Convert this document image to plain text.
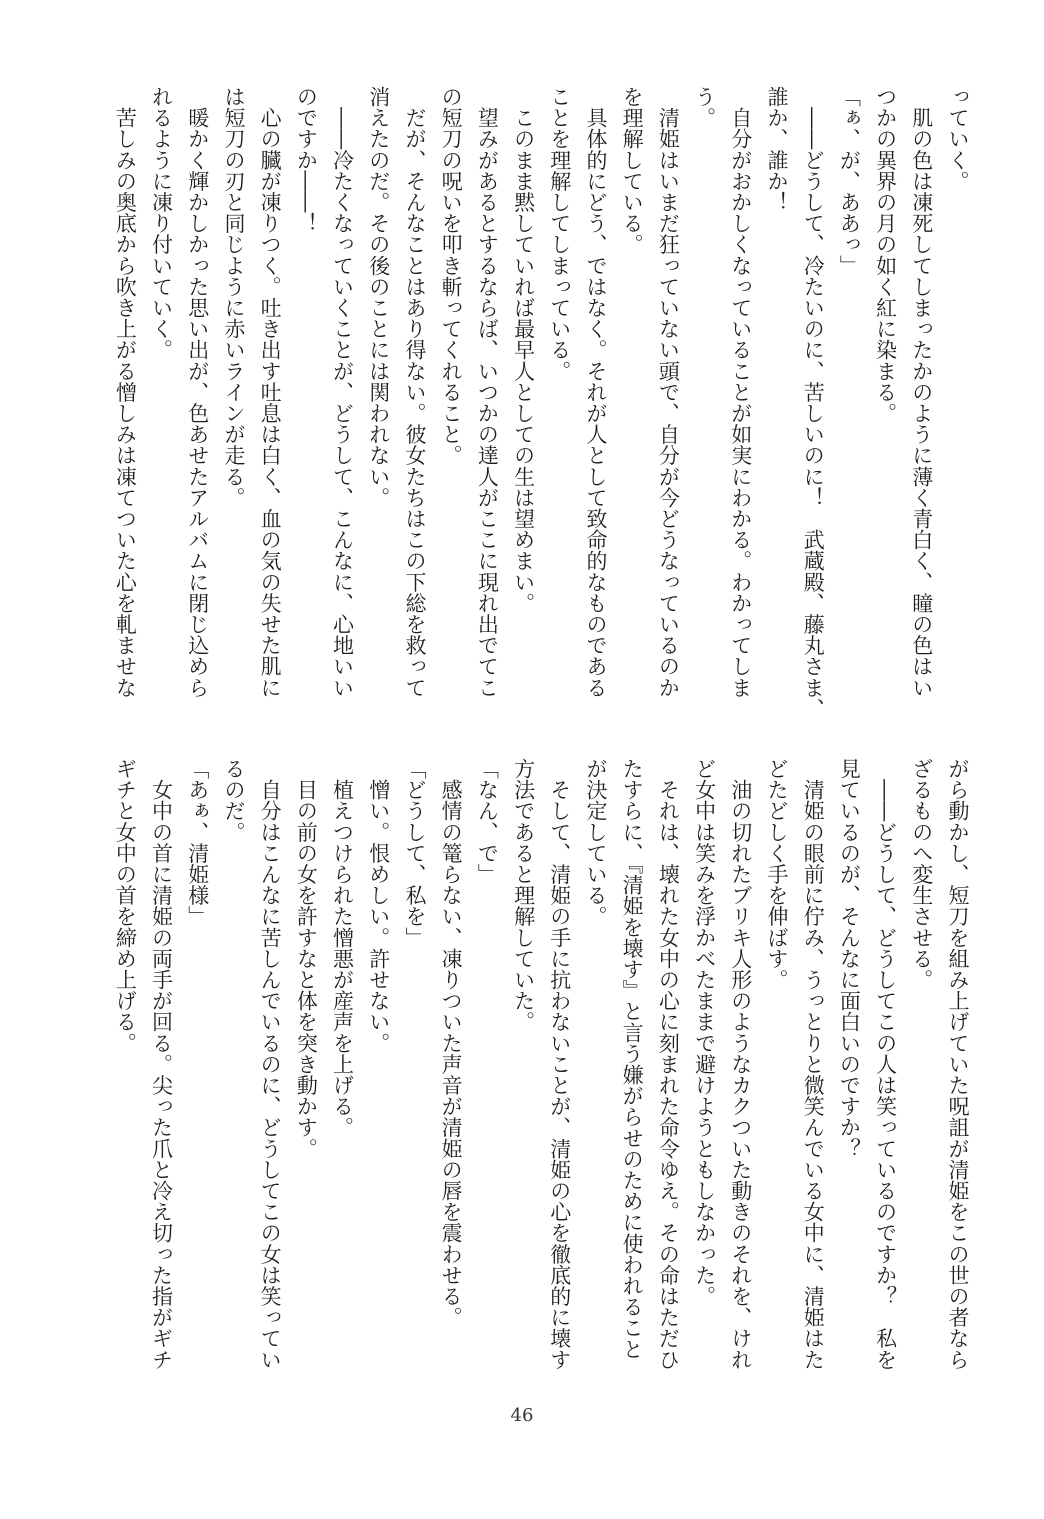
っていく。

　肌の色は凍死してしまったかのように薄く青白く、瞳の色はい

つかの異界の月の如く紅に染まる。

「ぁ、が、ああっ」

　――どうして、冷たいのに、苦しいのに！　武蔵殿、藤丸さま、

誰か、誰か！

　自分がおかしくなっていることが如実にわかる。わかってしま

う。

　清姫はいまだ狂っていない頭で、自分が今どうなっているのか

を理解している。

　具体的にどう、ではなく。それが人として致命的なものである

ことを理解してしまっている。

　このまま黙していれば最早人としての生は望めまい。

　望みがあるとするならば、いつかの達人がここに現れ出でてこ

の短刀の呪いを叩き斬ってくれること。

　だが、そんなことはあり得ない。彼女たちはこの下総を救って

消えたのだ。その後のことには関われない。

　――冷たくなっていくことが、どうして、こんなに、心地いい

のですか――！

　心の臓が凍りつく。吐き出す吐息は白く、血の気の失せた肌に

は短刀の刃と同じように赤いラインが走る。

　暖かく輝かしかった思い出が、色あせたアルバムに閉じ込めら

れるように凍り付いていく。

　苦しみの奥底から吹き上がる憎しみは凍てついた心を軋ませな

がら動かし、短刀を組み上げていた呪詛が清姫をこの世の者なら

ざるものへ変生させる。

　――どうして、どうしてこの人は笑っているのですか？　私を

見ているのが、そんなに面白いのですか？

　清姫の眼前に佇み、うっとりと微笑んでいる女中に、清姫はた

どたどしく手を伸ばす。

　油の切れたブリキ人形のようなカクついた動きのそれを、けれ

ど女中は笑みを浮かべたままで避けようともしなかった。

　それは、壊れた女中の心に刻まれた命令ゆえ。その命はただひ

たすらに、『清姫を壊す』と言う嫌がらせのために使われること

が決定している。

　そして、清姫の手に抗わないことが、清姫の心を徹底的に壊す

方法であると理解していた。

「なん、で」

　感情の篭らない、凍りついた声音が清姫の唇を震わせる。

「どうして、私を」

　憎い。恨めしい。許せない。

　植えつけられた憎悪が産声を上げる。

　目の前の女を許すなと体を突き動かす。

　自分はこんなに苦しんでいるのに、どうしてこの女は笑ってい

るのだ。

「あぁ、清姫様」

　女中の首に清姫の両手が回る。尖った爪と冷え切った指がギチ

ギチと女中の首を締め上げる。

46
